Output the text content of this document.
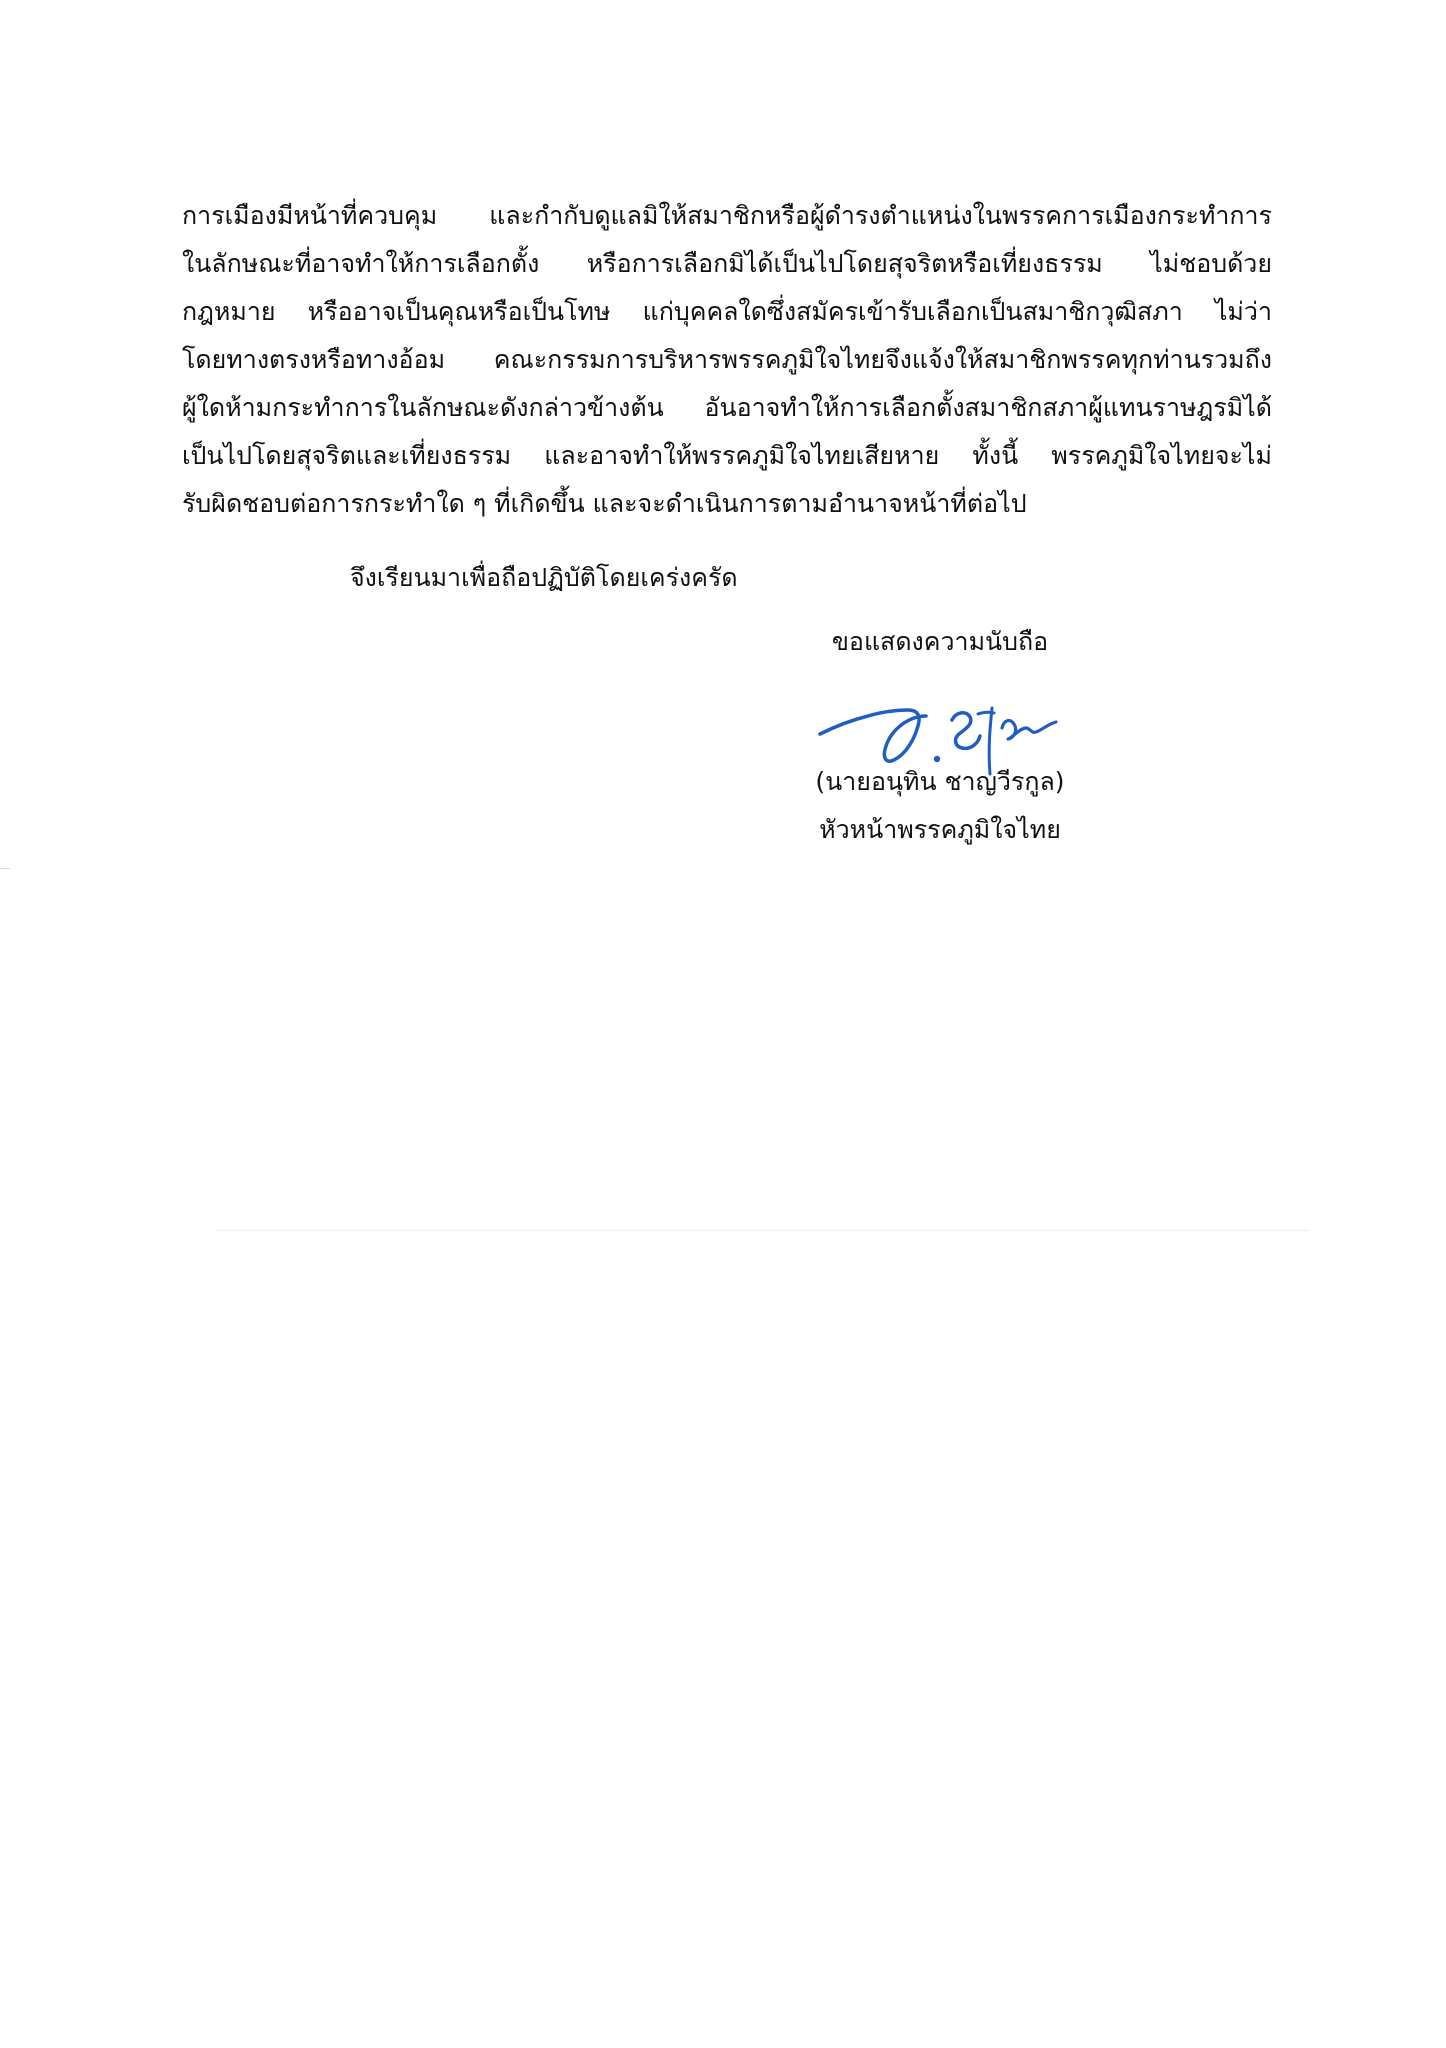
การเมืองมีหน้าที่ควบคุม และกำกับดูแลมิให้สมาชิกหรือผู้ดำรงตำแหน่งในพรรคการเมืองกระทำการ
ในลักษณะที่อาจทำให้การเลือกตั้ง หรือการเลือกมิได้เป็นไปโดยสุจริตหรือเที่ยงธรรม ไม่ชอบด้วย
กฎหมาย หรืออาจเป็นคุณหรือเป็นโทษ แก่บุคคลใดซึ่งสมัครเข้ารับเลือกเป็นสมาชิกวุฒิสภา ไม่ว่า
โดยทางตรงหรือทางอ้อม คณะกรรมการบริหารพรรคภูมิใจไทยจึงแจ้งให้สมาชิกพรรคทุกท่านรวมถึง
ผู้ใดห้ามกระทำการในลักษณะดังกล่าวข้างต้น อันอาจทำให้การเลือกตั้งสมาชิกสภาผู้แทนราษฎรมิได้
เป็นไปโดยสุจริตและเที่ยงธรรม และอาจทำให้พรรคภูมิใจไทยเสียหาย ทั้งนี้ พรรคภูมิใจไทยจะไม่
รับผิดชอบต่อการกระทำใด ๆ ที่เกิดขึ้น และจะดำเนินการตามอำนาจหน้าที่ต่อไป
จึงเรียนมาเพื่อถือปฏิบัติโดยเคร่งครัด
ขอแสดงความนับถือ
(นายอนุทิน ชาญวีรกูล)
หัวหน้าพรรคภูมิใจไทย
